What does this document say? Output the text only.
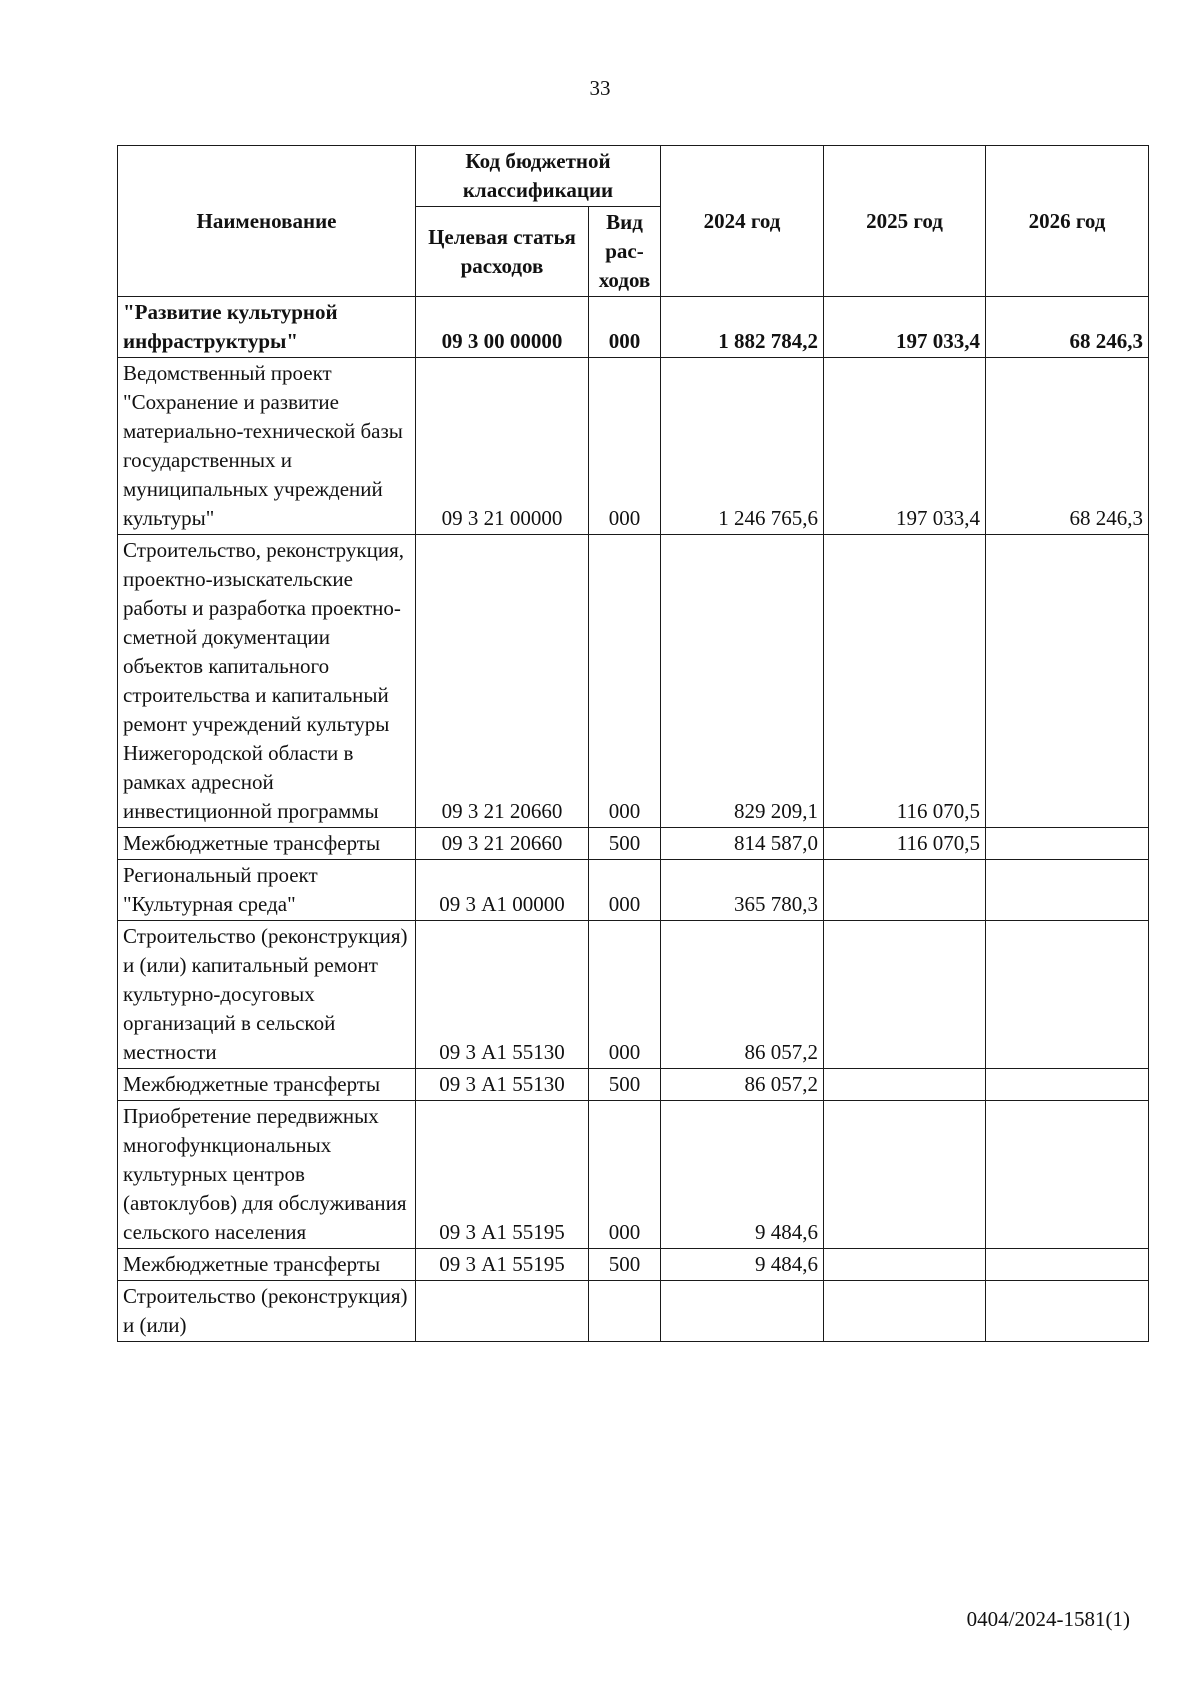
33
Наименование	Код бюджетной классификации		2024 год	2025 год	2026 год
	Целевая статья расходов	Вид рас-ходов			
"Развитие культурной инфраструктуры"	09 3 00 00000	000	1 882 784,2	197 033,4	68 246,3
Ведомственный проект "Сохранение и развитие материально-технической базы государственных и муниципальных учреждений культуры"	09 3 21 00000	000	1 246 765,6	197 033,4	68 246,3
Строительство, реконструкция, проектно-изыскательские работы и разработка проектно-сметной документации объектов капитального строительства и капитальный ремонт учреждений культуры Нижегородской области в рамках адресной инвестиционной программы	09 3 21 20660	000	829 209,1	116 070,5	
Межбюджетные трансферты	09 3 21 20660	500	814 587,0	116 070,5	
Региональный проект "Культурная среда"	09 3 А1 00000	000	365 780,3		
Строительство (реконструкция) и (или) капитальный ремонт культурно-досуговых организаций в сельской местности	09 3 А1 55130	000	86 057,2		
Межбюджетные трансферты	09 3 А1 55130	500	86 057,2		
Приобретение передвижных многофункциональных культурных центров (автоклубов) для обслуживания сельского населения	09 3 А1 55195	000	9 484,6		
Межбюджетные трансферты	09 3 А1 55195	500	9 484,6		
Строительство (реконструкция) и (или)					
0404/2024-1581(1)
